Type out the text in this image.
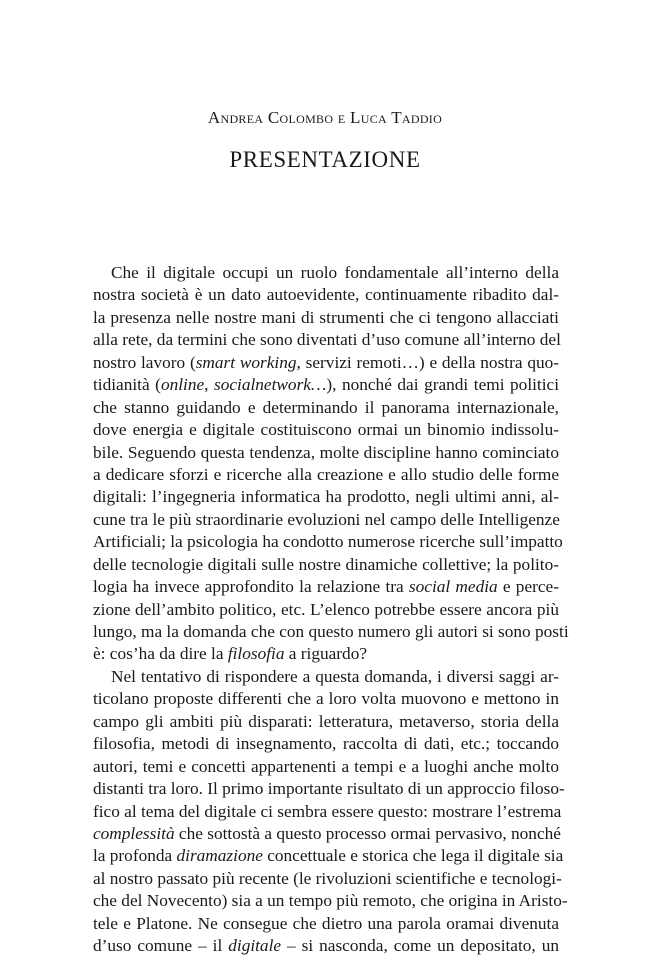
Andrea Colombo e Luca Taddio
PRESENTAZIONE
Che il digitale occupi un ruolo fondamentale all’interno della
nostra società è un dato autoevidente, continuamente ribadito dal-
la presenza nelle nostre mani di strumenti che ci tengono allacciati
alla rete, da termini che sono diventati d’uso comune all’interno del
nostro lavoro (smart working, servizi remoti…) e della nostra quo-
tidianità (online, socialnetwork…), nonché dai grandi temi politici
che stanno guidando e determinando il panorama internazionale,
dove energia e digitale costituiscono ormai un binomio indissolu-
bile. Seguendo questa tendenza, molte discipline hanno cominciato
a dedicare sforzi e ricerche alla creazione e allo studio delle forme
digitali: l’ingegneria informatica ha prodotto, negli ultimi anni, al-
cune tra le più straordinarie evoluzioni nel campo delle Intelligenze
Artificiali; la psicologia ha condotto numerose ricerche sull’impatto
delle tecnologie digitali sulle nostre dinamiche collettive; la polito-
logia ha invece approfondito la relazione tra social media e perce-
zione dell’ambito politico, etc. L’elenco potrebbe essere ancora più
lungo, ma la domanda che con questo numero gli autori si sono posti
è: cos’ha da dire la filosofia a riguardo?
Nel tentativo di rispondere a questa domanda, i diversi saggi ar-
ticolano proposte differenti che a loro volta muovono e mettono in
campo gli ambiti più disparati: letteratura, metaverso, storia della
filosofia, metodi di insegnamento, raccolta di dati, etc.; toccando
autori, temi e concetti appartenenti a tempi e a luoghi anche molto
distanti tra loro. Il primo importante risultato di un approccio filoso-
fico al tema del digitale ci sembra essere questo: mostrare l’estrema
complessità che sottostà a questo processo ormai pervasivo, nonché
la profonda diramazione concettuale e storica che lega il digitale sia
al nostro passato più recente (le rivoluzioni scientifiche e tecnologi-
che del Novecento) sia a un tempo più remoto, che origina in Aristo-
tele e Platone. Ne consegue che dietro una parola oramai divenuta
d’uso comune – il digitale – si nasconda, come un depositato, un
